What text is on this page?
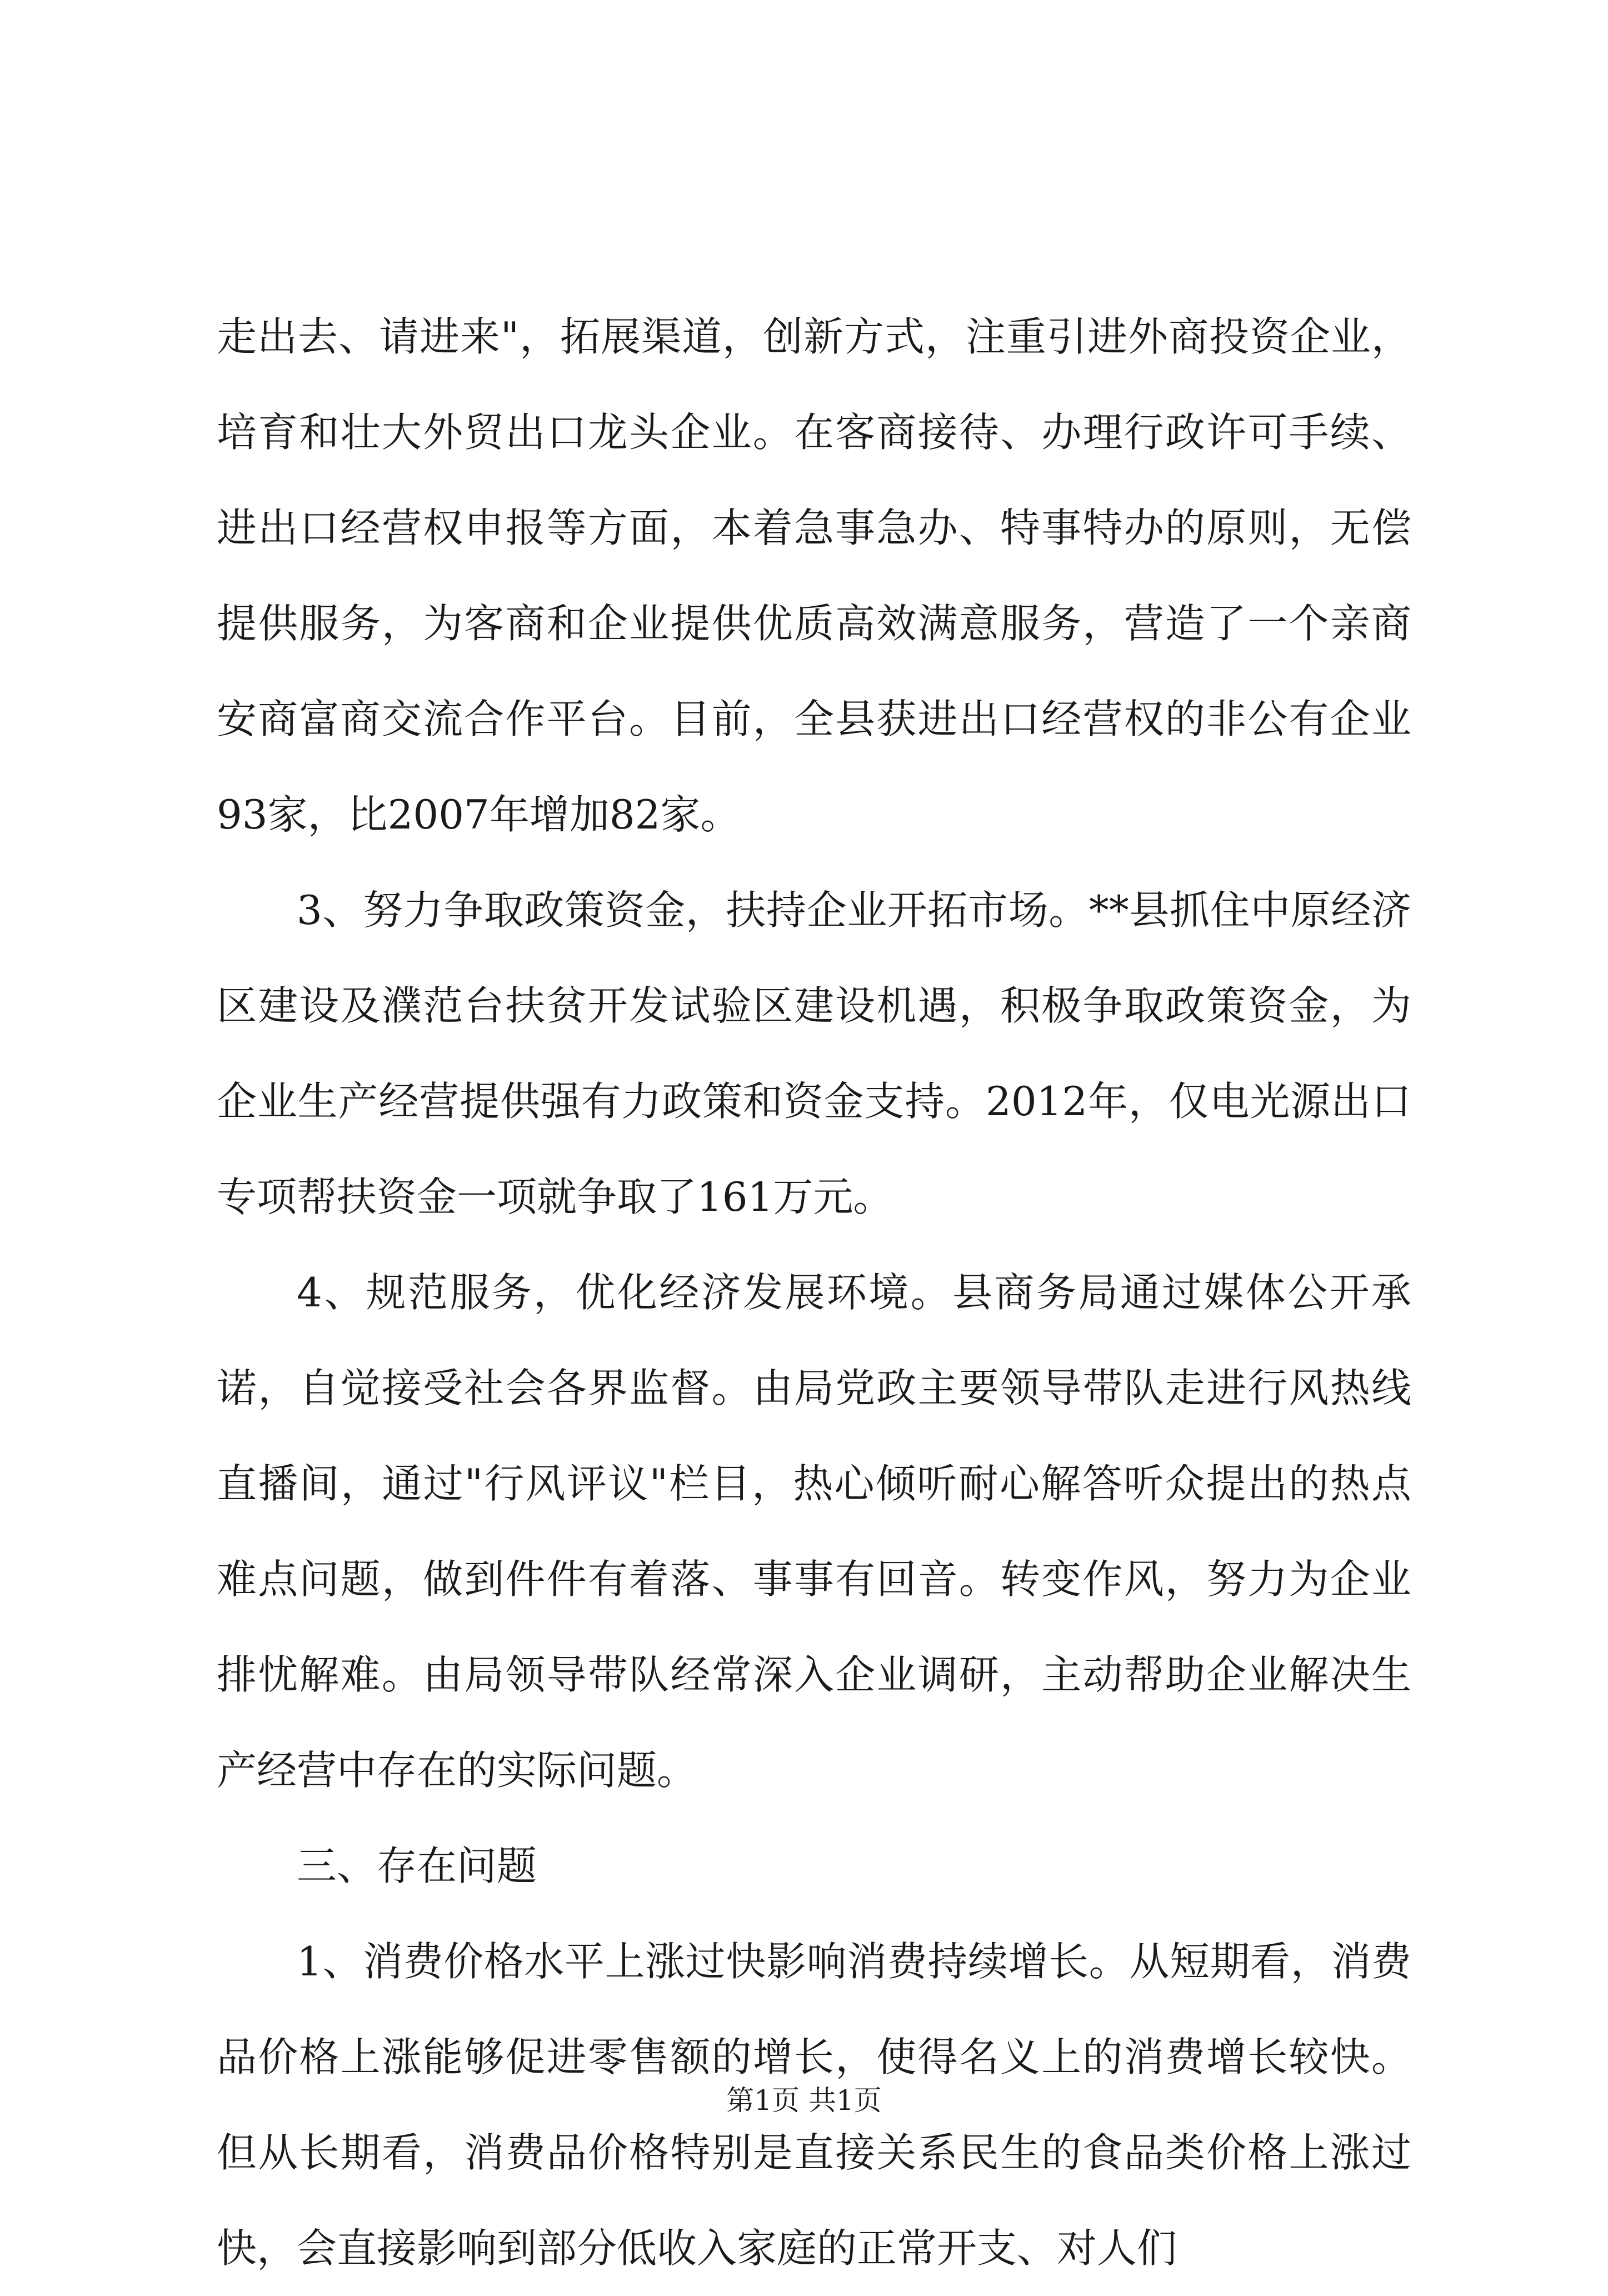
走出去、请进来"，拓展渠道，创新方式，注重引进外商投资企业，培育和壮大外贸出口龙头企业。在客商接待、办理行政许可手续、进出口经营权申报等方面，本着急事急办、特事特办的原则，无偿提供服务，为客商和企业提供优质高效满意服务，营造了一个亲商安商富商交流合作平台。目前，全县获进出口经营权的非公有企业93家，比2007年增加82家。

3、努力争取政策资金，扶持企业开拓市场。**县抓住中原经济区建设及濮范台扶贫开发试验区建设机遇，积极争取政策资金，为企业生产经营提供强有力政策和资金支持。2012年，仅电光源出口专项帮扶资金一项就争取了161万元。

4、规范服务，优化经济发展环境。县商务局通过媒体公开承诺，自觉接受社会各界监督。由局党政主要领导带队走进行风热线直播间，通过"行风评议"栏目，热心倾听耐心解答听众提出的热点难点问题，做到件件有着落、事事有回音。转变作风，努力为企业排忧解难。由局领导带队经常深入企业调研，主动帮助企业解决生产经营中存在的实际问题。

三、存在问题

1、消费价格水平上涨过快影响消费持续增长。从短期看，消费品价格上涨能够促进零售额的增长，使得名义上的消费增长较快。但从长期看，消费品价格特别是直接关系民生的食品类价格上涨过快，会直接影响到部分低收入家庭的正常开支、对人们

第1页 共1页
